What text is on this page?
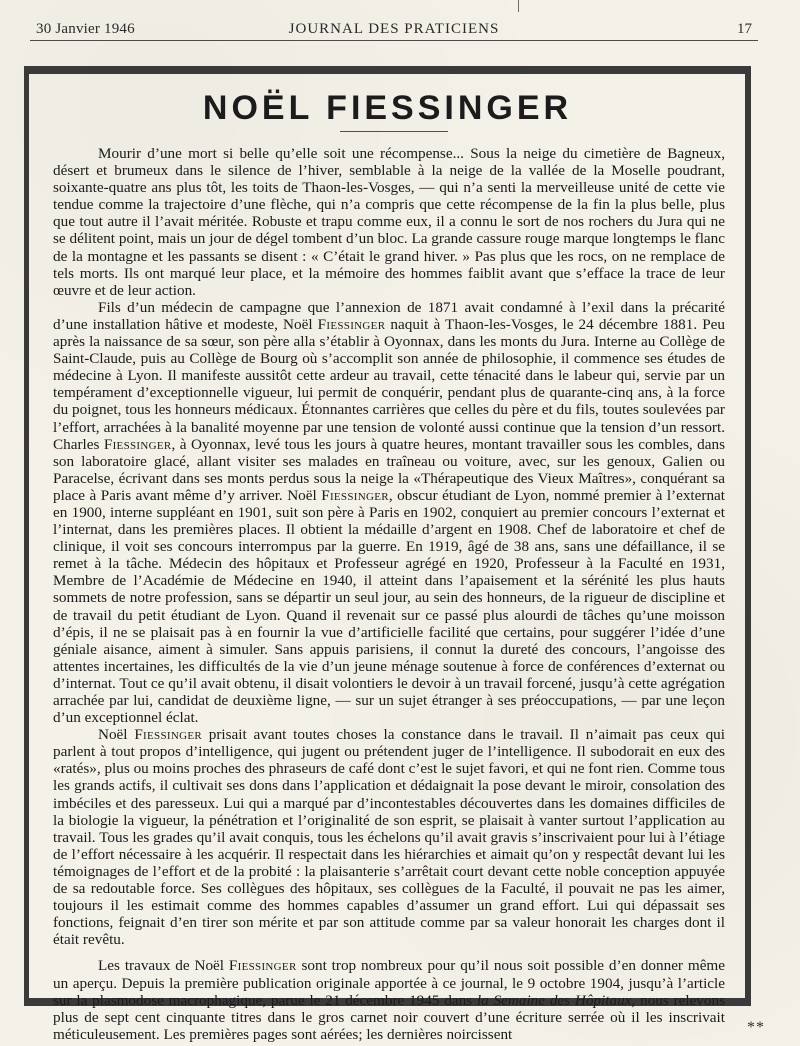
30 Janvier 1946	JOURNAL DES PRATICIENS	17
NOËL FIESSINGER

Mourir d’une mort si belle qu’elle soit une récompense... Sous la neige du cimetière de Bagneux, désert et brumeux dans le silence de l’hiver, semblable à la neige de la vallée de la Moselle poudrant, soixante-quatre ans plus tôt, les toits de Thaon-les-Vosges, — qui n’a senti la merveilleuse unité de cette vie tendue comme la trajectoire d’une flèche, qui n’a compris que cette récompense de la fin la plus belle, plus que tout autre il l’avait méritée. Robuste et trapu comme eux, il a connu le sort de nos rochers du Jura qui ne se délitent point, mais un jour de dégel tombent d’un bloc. La grande cassure rouge marque longtemps le flanc de la montagne et les passants se disent : « C’était le grand hiver. » Pas plus que les rocs, on ne remplace de tels morts. Ils ont marqué leur place, et la mémoire des hommes faiblit avant que s’efface la trace de leur œuvre et de leur action.

Fils d’un médecin de campagne que l’annexion de 1871 avait condamné à l’exil dans la précarité d’une installation hâtive et modeste, Noël Fiessinger naquit à Thaon-les-Vosges, le 24 décembre 1881. Peu après la naissance de sa sœur, son père alla s’établir à Oyonnax, dans les monts du Jura. Interne au Collège de Saint-Claude, puis au Collège de Bourg où s’accomplit son année de philosophie, il commence ses études de médecine à Lyon. Il manifeste aussitôt cette ardeur au travail, cette ténacité dans le labeur qui, servie par un tempérament d’exceptionnelle vigueur, lui permit de conquérir, pendant plus de quarante-cinq ans, à la force du poignet, tous les honneurs médicaux. Étonnantes carrières que celles du père et du fils, toutes soulevées par l’effort, arrachées à la banalité moyenne par une tension de volonté aussi continue que la tension d’un ressort. Charles Fiessinger, à Oyonnax, levé tous les jours à quatre heures, montant travailler sous les combles, dans son laboratoire glacé, allant visiter ses malades en traîneau ou voiture, avec, sur les genoux, Galien ou Paracelse, écrivant dans ses monts perdus sous la neige la «Thérapeutique des Vieux Maîtres», conquérant sa place à Paris avant même d’y arriver. Noël Fiessinger, obscur étudiant de Lyon, nommé premier à l’externat en 1900, interne suppléant en 1901, suit son père à Paris en 1902, conquiert au premier concours l’externat et l’internat, dans les premières places. Il obtient la médaille d’argent en 1908. Chef de laboratoire et chef de clinique, il voit ses concours interrompus par la guerre. En 1919, âgé de 38 ans, sans une défaillance, il se remet à la tâche. Médecin des hôpitaux et Professeur agrégé en 1920, Professeur à la Faculté en 1931, Membre de l’Académie de Médecine en 1940, il atteint dans l’apaisement et la sérénité les plus hauts sommets de notre profession, sans se départir un seul jour, au sein des honneurs, de la rigueur de discipline et de travail du petit étudiant de Lyon. Quand il revenait sur ce passé plus alourdi de tâches qu’une moisson d’épis, il ne se plaisait pas à en fournir la vue d’artificielle facilité que certains, pour suggérer l’idée d’une géniale aisance, aiment à simuler. Sans appuis parisiens, il connut la dureté des concours, l’angoisse des attentes incertaines, les difficultés de la vie d’un jeune ménage soutenue à force de conférences d’externat ou d’internat. Tout ce qu’il avait obtenu, il disait volontiers le devoir à un travail forcené, jusqu’à cette agrégation arrachée par lui, candidat de deuxième ligne, — sur un sujet étranger à ses préoccupations, — par une leçon d’un exceptionnel éclat.

Noël Fiessinger prisait avant toutes choses la constance dans le travail. Il n’aimait pas ceux qui parlent à tout propos d’intelligence, qui jugent ou prétendent juger de l’intelligence. Il subodorait en eux des «ratés», plus ou moins proches des phraseurs de café dont c’est le sujet favori, et qui ne font rien. Comme tous les grands actifs, il cultivait ses dons dans l’application et dédaignait la pose devant le miroir, consolation des imbéciles et des paresseux. Lui qui a marqué par d’incontestables découvertes dans les domaines difficiles de la biologie la vigueur, la pénétration et l’originalité de son esprit, se plaisait à vanter surtout l’application au travail. Tous les grades qu’il avait conquis, tous les échelons qu’il avait gravis s’inscrivaient pour lui à l’étiage de l’effort nécessaire à les acquérir. Il respectait dans les hiérarchies et aimait qu’on y respectât devant lui les témoignages de l’effort et de la probité : la plaisanterie s’arrêtait court devant cette noble conception appuyée de sa redoutable force. Ses collègues des hôpitaux, ses collègues de la Faculté, il pouvait ne pas les aimer, toujours il les estimait comme des hommes capables d’assumer un grand effort. Lui qui dépassait ses fonctions, feignait d’en tirer son mérite et par son attitude comme par sa valeur honorait les charges dont il était revêtu.

Les travaux de Noël Fiessinger sont trop nombreux pour qu’il nous soit possible d’en donner même un aperçu. Depuis la première publication originale apportée à ce journal, le 9 octobre 1904, jusqu’à l’article sur la plasmodose macrophagique, parue le 21 décembre 1945 dans la Semaine des Hôpitaux, nous relevons plus de sept cent cinquante titres dans le gros carnet noir couvert d’une écriture serrée où il les inscrivait méticuleusement. Les premières pages sont aérées; les dernières noircissent	**
